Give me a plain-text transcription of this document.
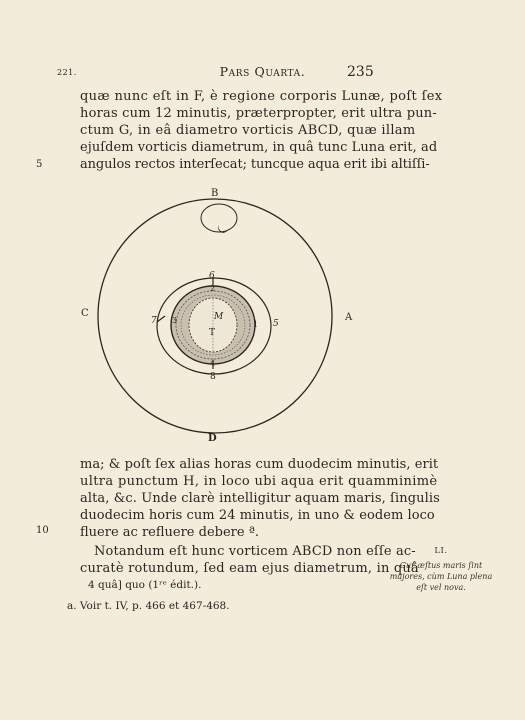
221.	Pars Quarta.	235
quæ nunc eſt in F, è regione corporis Lunæ, poſt ſex
horas cum 12 minutis, præterpropter, erit ultra pun-
ctum G, in eâ diametro vorticis ABCD, quæ illam
ejuſdem vorticis diametrum, in quâ tunc Luna erit, ad
angulos rectos interſecat; tuncque aqua erit ibi altiſſi-
5
B
C	A
D
M
T
6
2
3
7	1 5
4
8
ma; & poſt ſex alias horas cum duodecim minutis, erit
ultra punctum H, in loco ubi aqua erit quamminimè
alta, &c. Unde clarè intelligitur aquam maris, ſingulis
duodecim horis cum 24 minutis, in uno & eodem loco
fluere ac refluere debere ª.
10
Notandum eſt hunc vorticem ABCD non eſſe ac-
curatè rotundum, ſed eam ejus diametrum, in quâ
LI.
Cur æſtus maris ſint majores, cùm Luna plena eſt vel nova.
4 quâ] quo (1ʳᵉ édit.).
a. Voir t. IV, p. 466 et 467-468.
